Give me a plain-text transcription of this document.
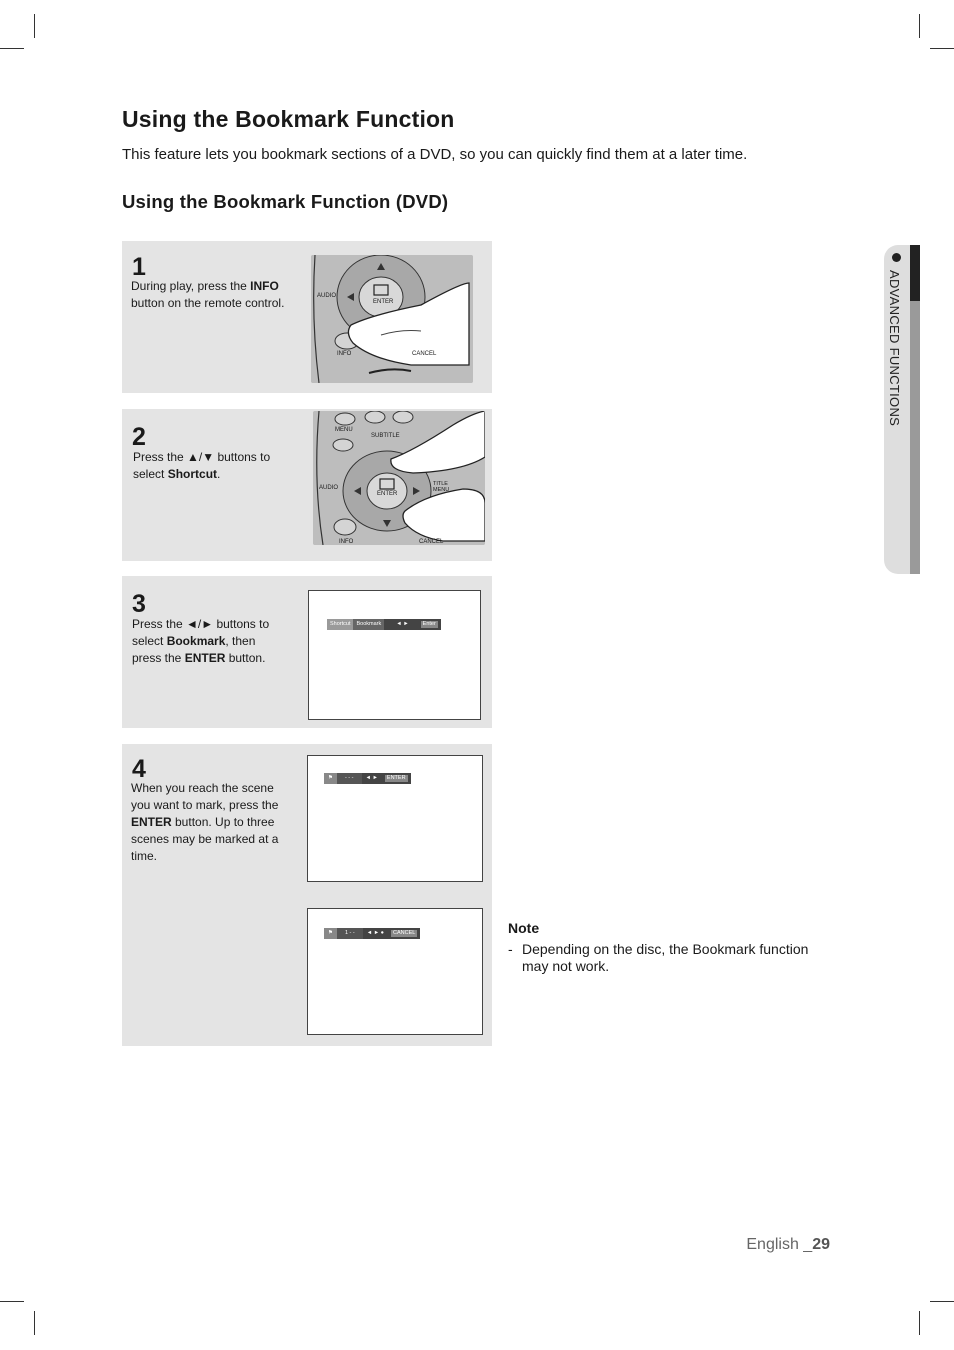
Using the Bookmark Function
This feature lets you bookmark sections of a DVD, so you can quickly find them at a later time.
Using the Bookmark Function (DVD)
1
During play, press the INFO button on the remote control.	AUDIO
ENTER
INFO	CANCEL
2
Press the ▲/▼ buttons to select Shortcut.
MENU
SUBTITLE
AUDIO
ENTER
TITLE MENU
INFO	CANCEL
3
Press the ◄/► buttons to select Bookmark, then press the ENTER button.
Shortcut	Bookmark	◄ ►	Enter
4
When you reach the scene you want to mark, press the ENTER button. Up to three scenes may be marked at a time.
⚑	- - -	◄ ►	ENTER
⚑	1 - -	◄ ► ●	CANCEL	Note
- Depending on the disc, the Bookmark function may not work.
ADVANCED FUNCTIONS
English _29
